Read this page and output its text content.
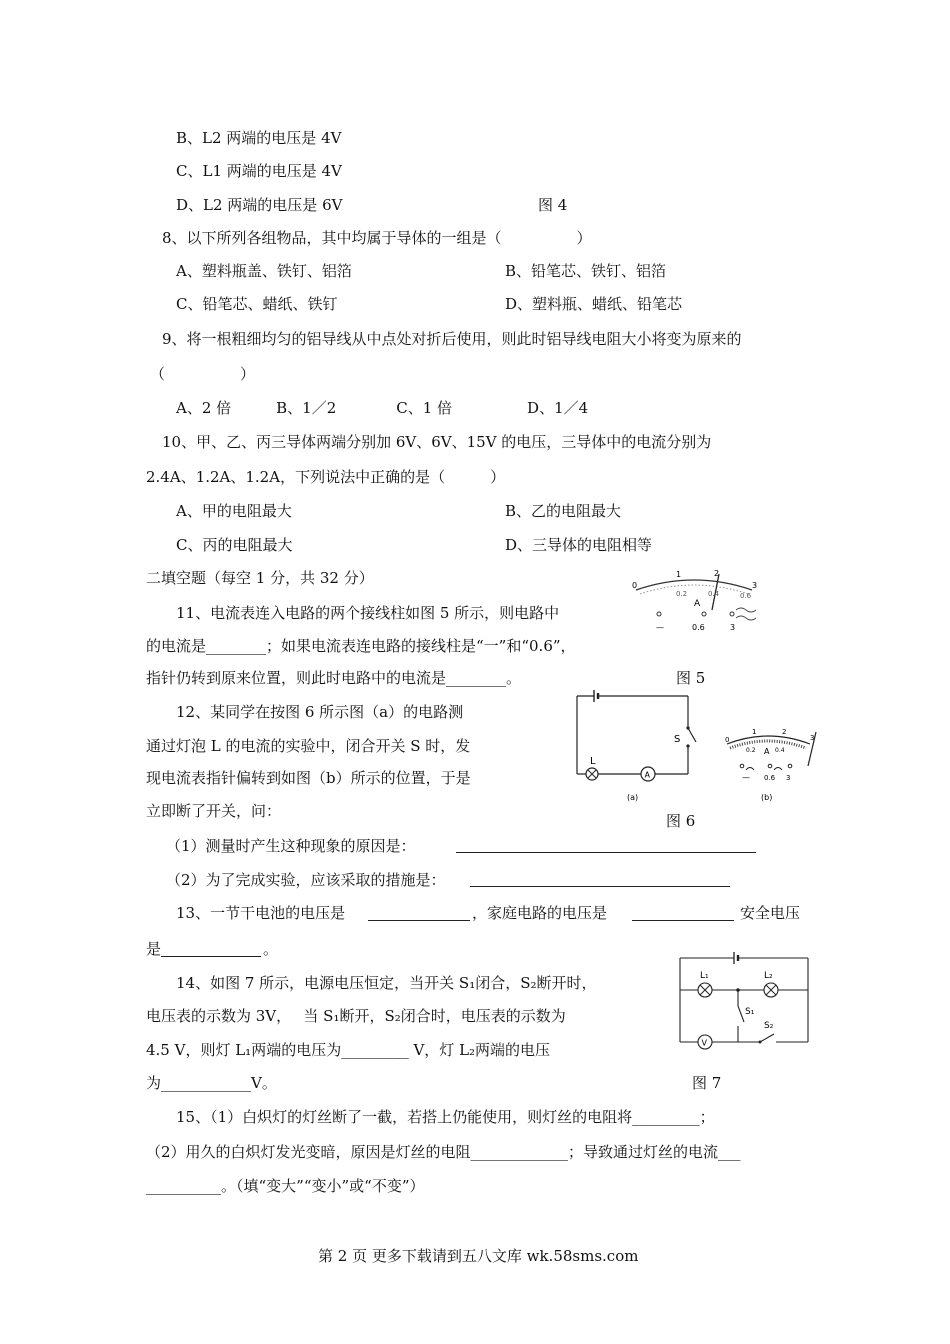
B、L2 两端的电压是 4V
C、L1 两端的电压是 4V
D、L2 两端的电压是 6V	图 4
8、以下所列各组物品，其中均属于导体的一组是（　　　　　）
A、塑料瓶盖、铁钉、铝箔	B、铅笔芯、铁钉、铝箔
C、铅笔芯、蜡纸、铁钉	D、塑料瓶、蜡纸、铅笔芯
9、将一根粗细均匀的铝导线从中点处对折后使用，则此时铝导线电阻大小将变为原来的
（　　　　　）
A、2 倍　　　B、1／2　　　　C、1 倍　　　　　D、1／4
10、甲、乙、丙三导体两端分别加 6V、6V、15V 的电压，三导体中的电流分别为
2.4A、1.2A、1.2A，下列说法中正确的是（　　　）
A、甲的电阻最大	B、乙的电阻最大
C、丙的电阻最大	D、三导体的电阻相等
二填空题（每空 1 分，共 32 分）
11、电流表连入电路的两个接线柱如图 5 所示，则电路中
的电流是________；如果电流表连电路的接线柱是“一”和“0.6”，
指针仍转到原来位置，则此时电路中的电流是________。	图 5
0
1	2
3
0.2	0.4	0.6
A
—	0.6	3
12、某同学在按图 6 所示图（a）的电路测
通过灯泡 L 的电流的实验中，闭合开关 S 时，发
现电流表指针偏转到如图（b）所示的位置，于是
立即断了开关，问：
图 6
L
S
A
(a)
0
1	2
3
0.2	0.4
A
— 0.6 3
(b)
（1）测量时产生这种现象的原因是：
（2）为了完成实验，应该采取的措施是：
13、一节干电池的电压是	，家庭电路的电压是	安全电压
是	。
14、如图 7 所示，电源电压恒定，当开关 S₁闭合，S₂断开时，
电压表的示数为 3V，　 当 S₁断开，S₂闭合时，电压表的示数为
4.5 V，则灯 L₁两端的电压为_________ V，灯 L₂两端的电压
为____________V。	图 7
L₁	L₂
S₁
S₂
V
15、（1）白炽灯的灯丝断了一截，若搭上仍能使用，则灯丝的电阻将_________；
（2）用久的白炽灯发光变暗，原因是灯丝的电阻_____________；导致通过灯丝的电流___
__________。（填“变大”“变小”或“不变”）
第 2 页 更多下载请到五八文库 wk.58sms.com
